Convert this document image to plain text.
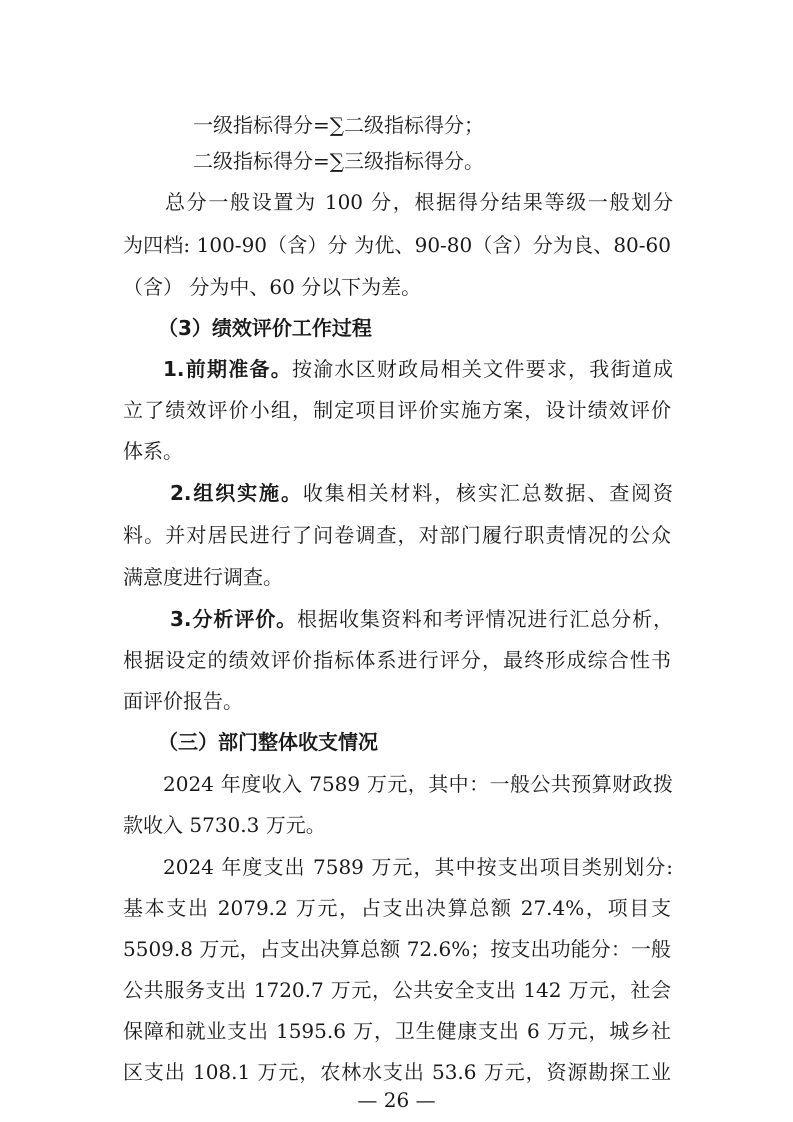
一级指标得分=∑二级指标得分；
二级指标得分=∑三级指标得分。
总分一般设置为 100 分，根据得分结果等级一般划分
为四档: 100-90（含）分 为优、90-80（含）分为良、80-60
（含） 分为中、60 分以下为差。
（3）绩效评价工作过程
1.前期准备。按渝水区财政局相关文件要求，我街道成
立了绩效评价小组，制定项目评价实施方案，设计绩效评价
体系。
2.组织实施。收集相关材料，核实汇总数据、查阅资
料。并对居民进行了问卷调查，对部门履行职责情况的公众
满意度进行调查。
3.分析评价。根据收集资料和考评情况进行汇总分析，
根据设定的绩效评价指标体系进行评分，最终形成综合性书
面评价报告。
（三）部门整体收支情况
2024 年度收入 7589 万元，其中：一般公共预算财政拨
款收入 5730.3 万元。
2024 年度支出 7589 万元，其中按支出项目类别划分:
基本支出 2079.2 万元，占支出决算总额 27.4%，项目支
5509.8 万元，占支出决算总额 72.6%；按支出功能分：一般
公共服务支出 1720.7 万元，公共安全支出 142 万元，社会
保障和就业支出 1595.6 万，卫生健康支出 6 万元，城乡社
— 26 —
区支出 108.1 万元，农林水支出 53.6 万元，资源勘探工业
